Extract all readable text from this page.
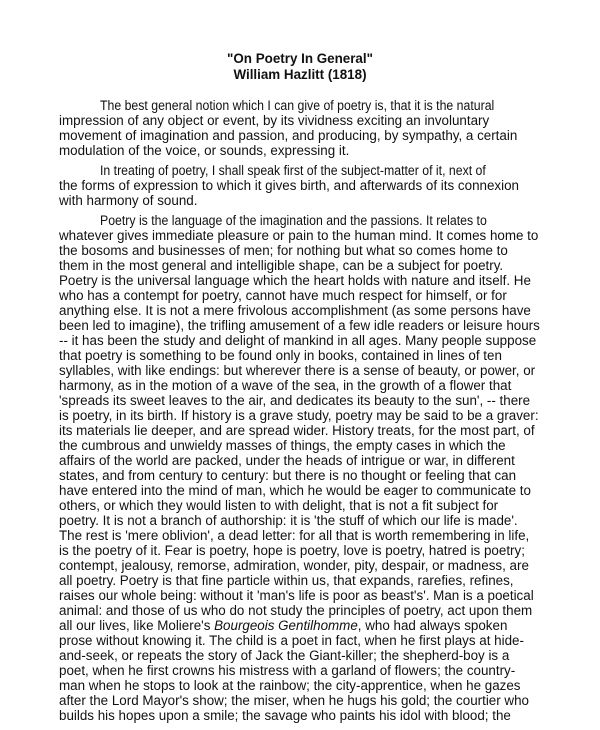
"On Poetry In General"
William Hazlitt (1818)
The best general notion which I can give of poetry is, that it is the natural
impression of any object or event, by its vividness exciting an involuntary
movement of imagination and passion, and producing, by sympathy, a certain
modulation of the voice, or sounds, expressing it.
In treating of poetry, I shall speak first of the subject-matter of it, next of
the forms of expression to which it gives birth, and afterwards of its connexion
with harmony of sound.
Poetry is the language of the imagination and the passions. It relates to
whatever gives immediate pleasure or pain to the human mind. It comes home to
the bosoms and businesses of men; for nothing but what so comes home to
them in the most general and intelligible shape, can be a subject for poetry.
Poetry is the universal language which the heart holds with nature and itself. He
who has a contempt for poetry, cannot have much respect for himself, or for
anything else. It is not a mere frivolous accomplishment (as some persons have
been led to imagine), the trifling amusement of a few idle readers or leisure hours
-- it has been the study and delight of mankind in all ages. Many people suppose
that poetry is something to be found only in books, contained in lines of ten
syllables, with like endings: but wherever there is a sense of beauty, or power, or
harmony, as in the motion of a wave of the sea, in the growth of a flower that
'spreads its sweet leaves to the air, and dedicates its beauty to the sun', -- there
is poetry, in its birth. If history is a grave study, poetry may be said to be a graver:
its materials lie deeper, and are spread wider. History treats, for the most part, of
the cumbrous and unwieldy masses of things, the empty cases in which the
affairs of the world are packed, under the heads of intrigue or war, in different
states, and from century to century: but there is no thought or feeling that can
have entered into the mind of man, which he would be eager to communicate to
others, or which they would listen to with delight, that is not a fit subject for
poetry. It is not a branch of authorship: it is 'the stuff of which our life is made'.
The rest is 'mere oblivion', a dead letter: for all that is worth remembering in life,
is the poetry of it. Fear is poetry, hope is poetry, love is poetry, hatred is poetry;
contempt, jealousy, remorse, admiration, wonder, pity, despair, or madness, are
all poetry. Poetry is that fine particle within us, that expands, rarefies, refines,
raises our whole being: without it 'man's life is poor as beast's'. Man is a poetical
animal: and those of us who do not study the principles of poetry, act upon them
all our lives, like Moliere's Bourgeois Gentilhomme, who had always spoken
prose without knowing it. The child is a poet in fact, when he first plays at hide-
and-seek, or repeats the story of Jack the Giant-killer; the shepherd-boy is a
poet, when he first crowns his mistress with a garland of flowers; the country-
man when he stops to look at the rainbow; the city-apprentice, when he gazes
after the Lord Mayor's show; the miser, when he hugs his gold; the courtier who
builds his hopes upon a smile; the savage who paints his idol with blood; the
